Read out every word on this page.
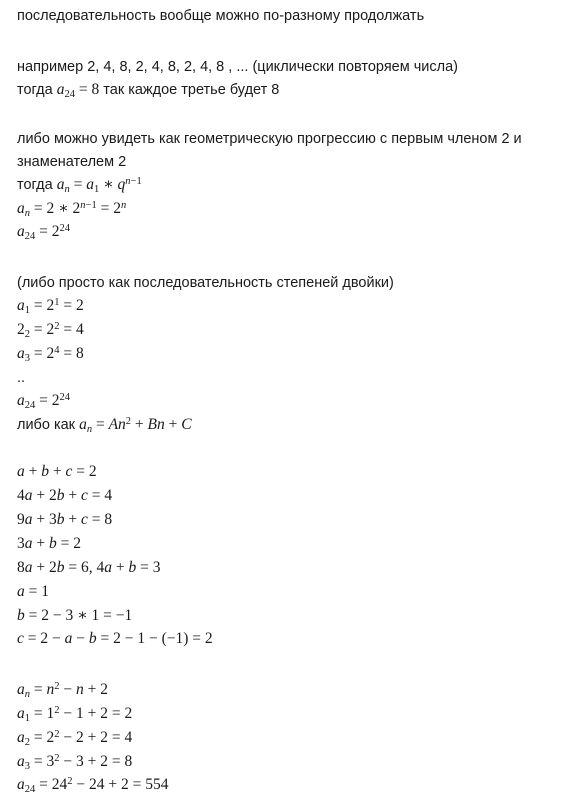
последовательность вообще можно по-разному продолжать
например 2, 4, 8, 2, 4, 8, 2, 4, 8 , ... (циклически повторяем числа)
тогда $a_{24} = 8$ так каждое третье будет 8
либо можно увидеть как геометрическую прогрессию с первым членом 2 и
знаменателем 2
тогда $a_n = a_1$ ∗ $q^{n-1}$
$a_n = 2$ ∗ $2^{n-1} = 2^n$
$a_{24} = 2^{24}$
(либо просто как последовательность степеней двойки)
$a_1 = 2^1 = 2$
$2_2 = 2^2 = 4$
$a_3 = 2^4 = 8$
..
$a_{24} = 2^{24}$
либо как $a_n = An^2 + Bn + C$
a + b + c = 2
4a + 2b + c = 4
9a + 3b + c = 8
3a + b = 2
8a + 2b = 6, 4a + b = 3
a = 1
b = 2 − 3 ∗ 1 = −1
c = 2 − a − b = 2 − 1 − (−1) = 2
$a_n = n^2 - n + 2$
$a_1 = 1^2 - 1 + 2 = 2$
$a_2 = 2^2 - 2 + 2 = 4$
$a_3 = 3^2 - 3 + 2 = 8$
$a_{24} = 24^2 - 24 + 2 = 554$
